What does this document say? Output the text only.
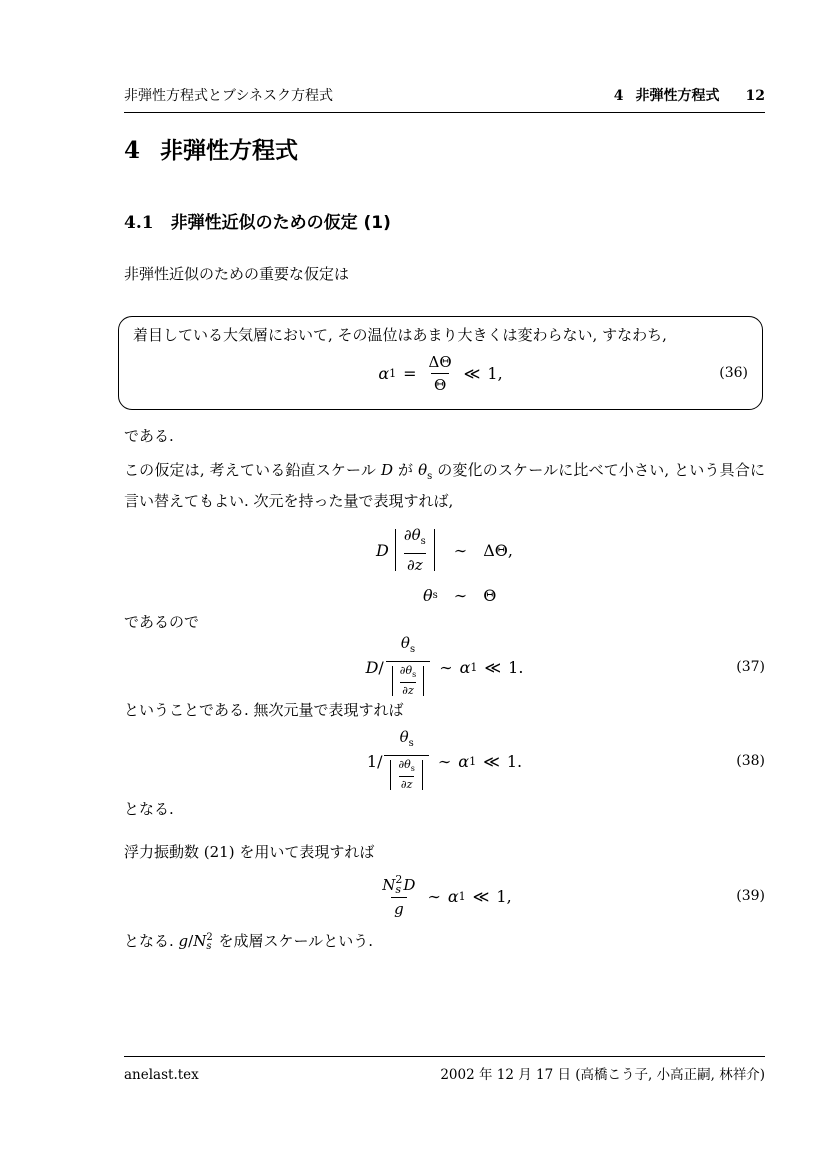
非弾性方程式とブシネスク方程式	4 非弾性方程式 12
4 非弾性方程式
4.1 非弾性近似のための仮定 (1)

非弾性近似のための重要な仮定は

着目している大気層において, その温位はあまり大きくは変わらない, すなわち,

α $1 = \frac{\Delta\Theta}{\Theta}$ ≪ 1,	(36)

である.

この仮定は, 考えている鉛直スケール D が $\theta_s$ の変化のスケールに比べて小さい, という具合に言い替えてもよい. 次元を持った量で表現すれば,

D $\frac{\partial\theta_s}{\partial z}$ ∼ ΔΘ,
θ s ∼ Θ

であるので

D / $\frac{\theta_s}{\frac{\partial\theta_s}{\partial z}}$ ∼ α 1 ≪ 1.	(37)

ということである. 無次元量で表現すれば

$1 / \frac{\theta_s}{\frac{\partial\theta_s}{\partial z}}$ ∼ α 1 ≪ 1.	(38)

となる.

浮力振動数 (21) を用いて表現すれば

N 2
s D
g ∼ α 1 ≪ 1,	(39)

となる. g/N 2
s を成層スケールという.

anelast.tex	2002 年 12 月 17 日 (高橋こう子, 小高正嗣, 林祥介)
